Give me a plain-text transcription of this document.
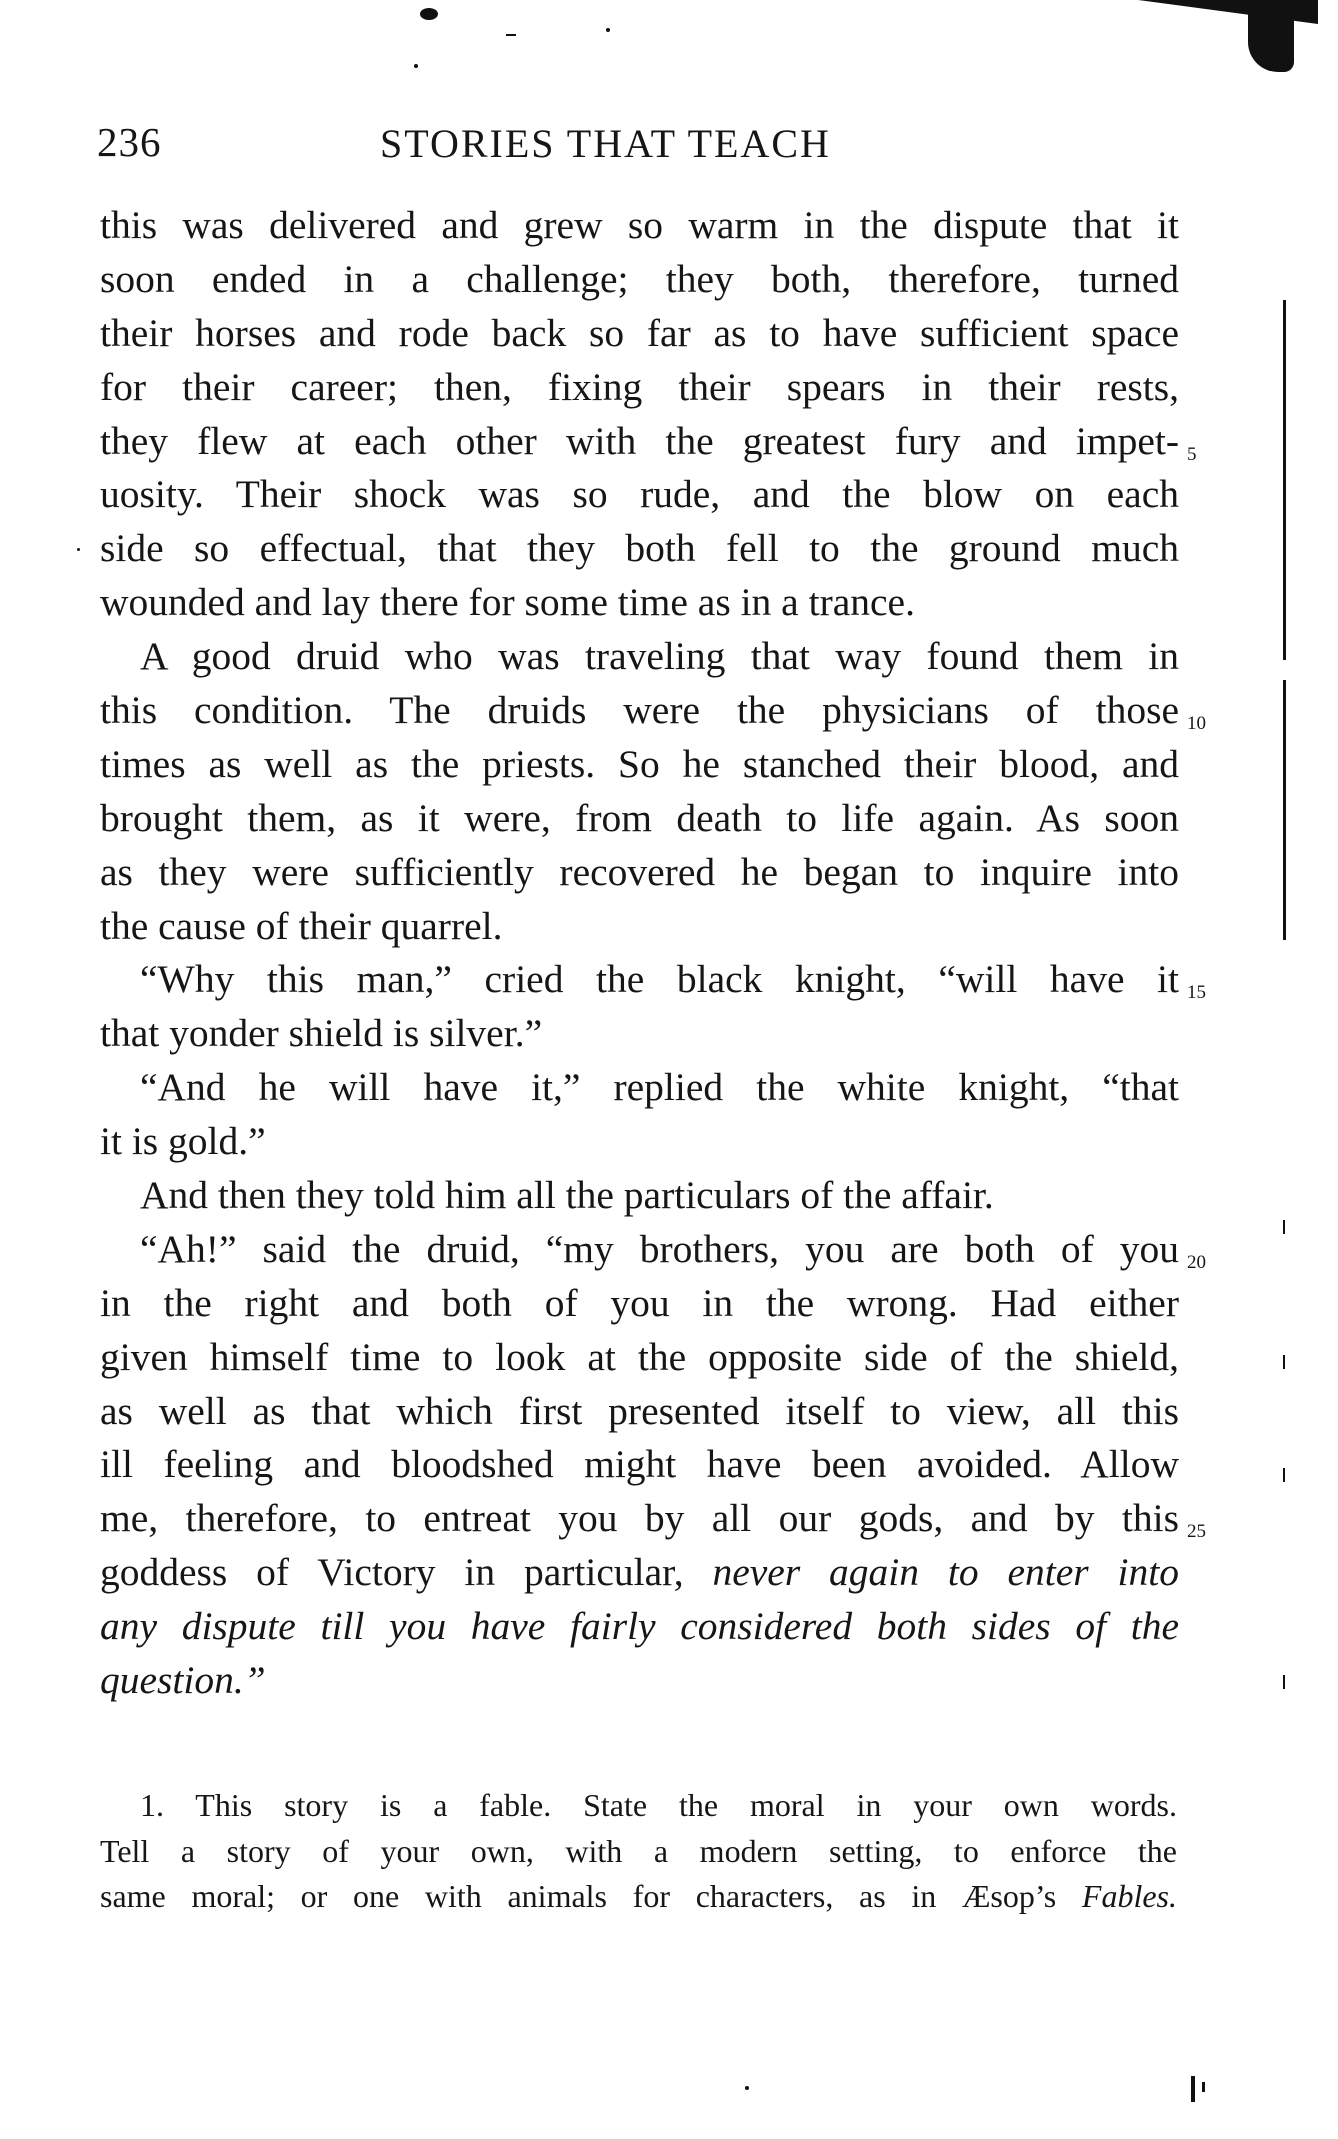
236	STORIES THAT TEACH
this was delivered and grew so warm in the dispute that it
soon ended in a challenge; they both, therefore, turned
their horses and rode back so far as to have sufficient space
for their career; then, fixing their spears in their rests,
they flew at each other with the greatest fury and impet- 5
uosity. Their shock was so rude, and the blow on each
side so effectual, that they both fell to the ground much
wounded and lay there for some time as in a trance.
A good druid who was traveling that way found them in
this condition. The druids were the physicians of those 10
times as well as the priests. So he stanched their blood, and
brought them, as it were, from death to life again. As soon
as they were sufficiently recovered he began to inquire into
the cause of their quarrel.
“Why this man,” cried the black knight, “will have it 15
that yonder shield is silver.”
“And he will have it,” replied the white knight, “that
it is gold.”
And then they told him all the particulars of the affair.
“Ah!” said the druid, “my brothers, you are both of you 20
in the right and both of you in the wrong. Had either
given himself time to look at the opposite side of the shield,
as well as that which first presented itself to view, all this
ill feeling and bloodshed might have been avoided. Allow
me, therefore, to entreat you by all our gods, and by this 25
goddess of Victory in particular, never again to enter into
any dispute till you have fairly considered both sides of the
question.”
1. This story is a fable. State the moral in your own words.
Tell a story of your own, with a modern setting, to enforce the
same moral; or one with animals for characters, as in Æsop’s Fables.
